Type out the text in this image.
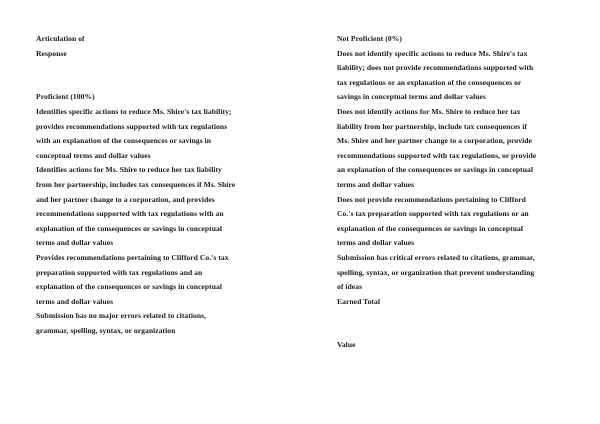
Articulation of
Response
Proficient (100%)
Identifies specific actions to reduce Ms. Shire's tax liability;
provides recommendations supported with tax regulations
with an explanation of the consequences or savings in
conceptual terms and dollar values
Identifies actions for Ms. Shire to reduce her tax liability
from her partnership, includes tax consequences if Ms. Shire
and her partner change to a corporation, and provides
recommendations supported with tax regulations with an
explanation of the consequences or savings in conceptual
terms and dollar values
Provides recommendations pertaining to Clifford Co.'s tax
preparation supported with tax regulations and an
explanation of the consequences or savings in conceptual
terms and dollar values
Submission has no major errors related to citations,
grammar, spelling, syntax, or organization
Not Proficient (0%)
Does not identify specific actions to reduce Ms. Shire's tax
liability; does not provide recommendations supported with
tax regulations or an explanation of the consequences or
savings in conceptual terms and dollar values
Does not identify actions for Ms. Shire to reduce her tax
liability from her partnership, include tax consequences if
Ms. Shire and her partner change to a corporation, provide
recommendations supported with tax regulations, or provide
an explanation of the consequences or savings in conceptual
terms and dollar values
Does not provide recommendations pertaining to Clifford
Co.'s tax preparation supported with tax regulations or an
explanation of the consequences or savings in conceptual
terms and dollar values
Submission has critical errors related to citations, grammar,
spelling, syntax, or organization that prevent understanding
of ideas
Earned Total
Value
